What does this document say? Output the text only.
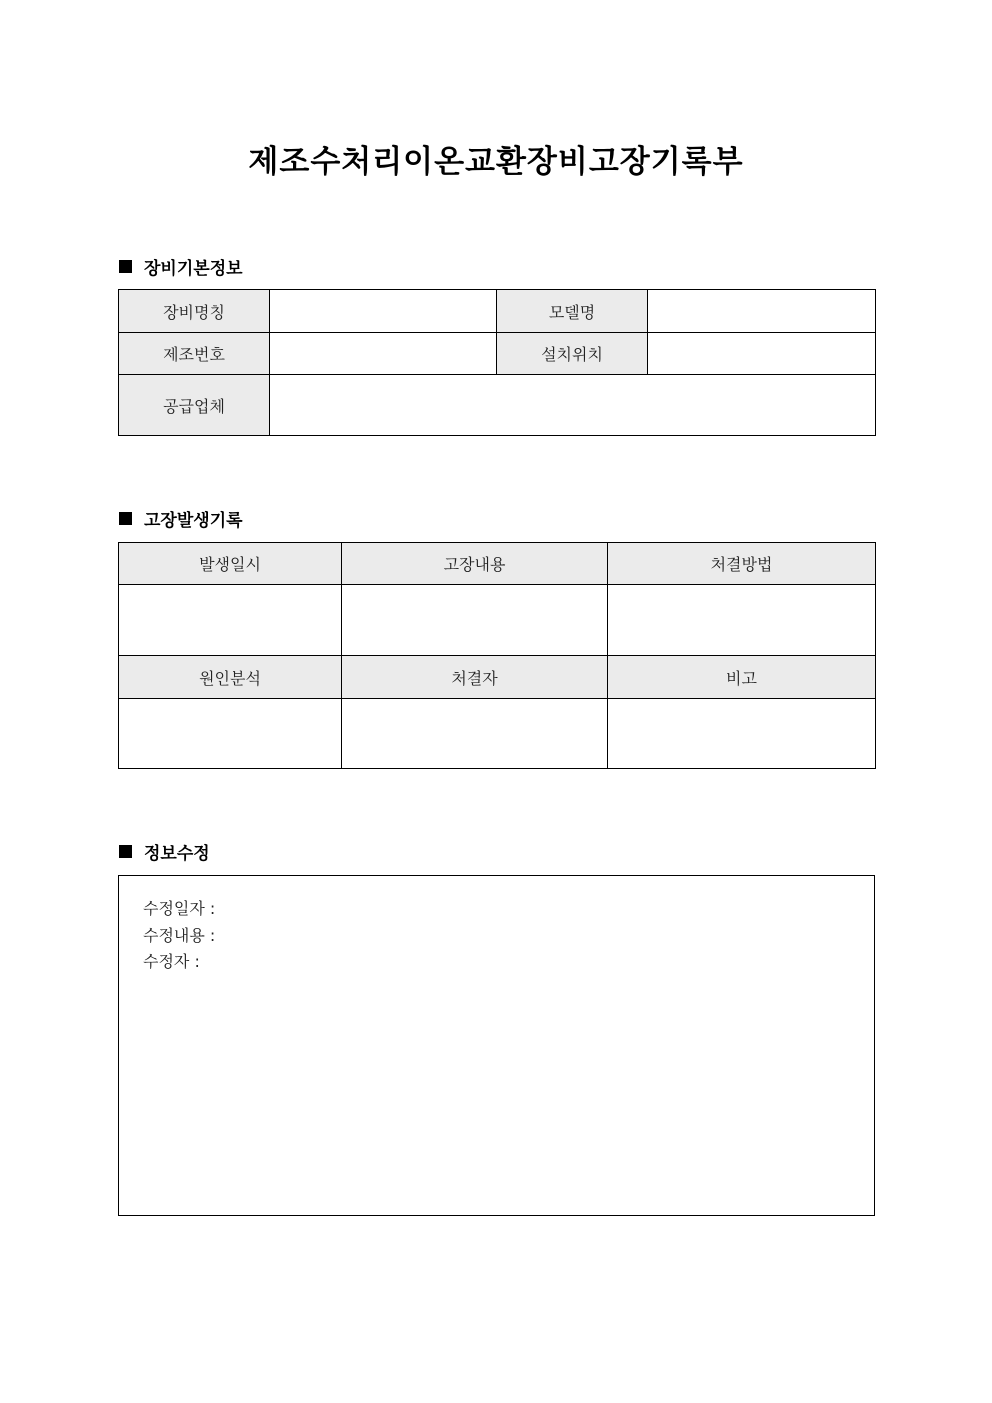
제조수처리이온교환장비고장기록부
장비기본정보
장비명칭		모델명	
제조번호		설치위치	
공급업체			
고장발생기록
발생일시	고장내용	처결방법

원인분석	처결자	비고

정보수정
수정일자 :
수정내용 :
수정자 :
